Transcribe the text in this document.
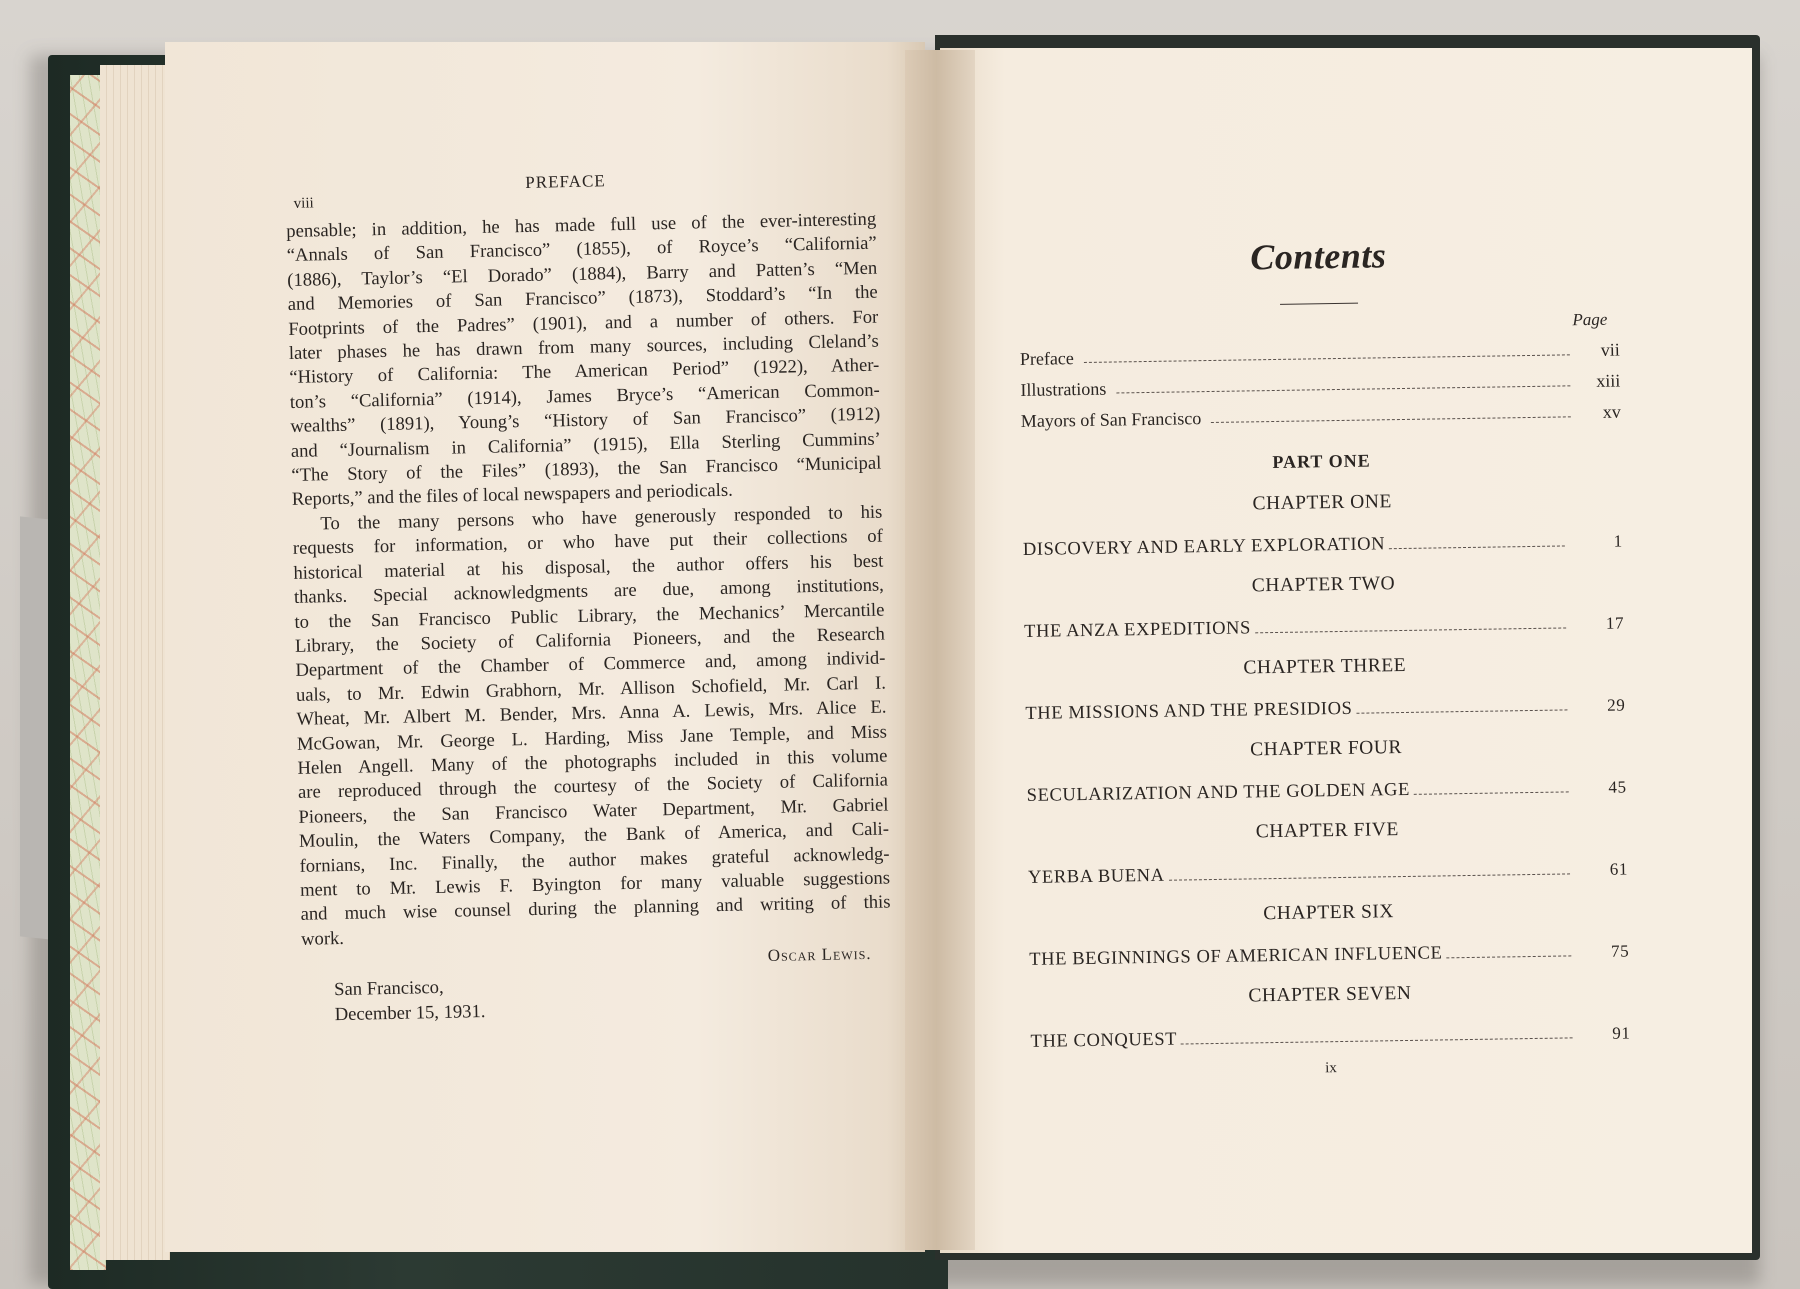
viii
PREFACE
pensable; in addition, he has made full use of the ever-interesting
“Annals of San Francisco” (1855), of Royce’s “California”
(1886), Taylor’s “El Dorado” (1884), Barry and Patten’s “Men
and Memories of San Francisco” (1873), Stoddard’s “In the
Footprints of the Padres” (1901), and a number of others. For
later phases he has drawn from many sources, including Cleland’s
“History of California: The American Period” (1922), Ather-
ton’s “California” (1914), James Bryce’s “American Common-
wealths” (1891), Young’s “History of San Francisco” (1912)
and “Journalism in California” (1915), Ella Sterling Cummins’
“The Story of the Files” (1893), the San Francisco “Municipal
Reports,” and the files of local newspapers and periodicals.
To the many persons who have generously responded to his
requests for information, or who have put their collections of
historical material at his disposal, the author offers his best
thanks. Special acknowledgments are due, among institutions,
to the San Francisco Public Library, the Mechanics’ Mercantile
Library, the Society of California Pioneers, and the Research
Department of the Chamber of Commerce and, among individ-
uals, to Mr. Edwin Grabhorn, Mr. Allison Schofield, Mr. Carl I.
Wheat, Mr. Albert M. Bender, Mrs. Anna A. Lewis, Mrs. Alice E.
McGowan, Mr. George L. Harding, Miss Jane Temple, and Miss
Helen Angell. Many of the photographs included in this volume
are reproduced through the courtesy of the Society of California
Pioneers, the San Francisco Water Department, Mr. Gabriel
Moulin, the Waters Company, the Bank of America, and Cali-
fornians, Inc. Finally, the author makes grateful acknowledg-
ment to Mr. Lewis F. Byington for many valuable suggestions
and much wise counsel during the planning and writing of this
work.
Oscar Lewis.
San Francisco,
December 15, 1931.
Contents
Page
Preface	vii
Illustrations	xiii
Mayors of San Francisco	xv
PART ONE
CHAPTER ONE
DISCOVERY AND EARLY EXPLORATION	1
CHAPTER TWO
THE ANZA EXPEDITIONS	17
CHAPTER THREE
THE MISSIONS AND THE PRESIDIOS	29
CHAPTER FOUR
SECULARIZATION AND THE GOLDEN AGE	45
CHAPTER FIVE
YERBA BUENA	61
CHAPTER SIX
THE BEGINNINGS OF AMERICAN INFLUENCE	75
CHAPTER SEVEN
THE CONQUEST	91
ix
